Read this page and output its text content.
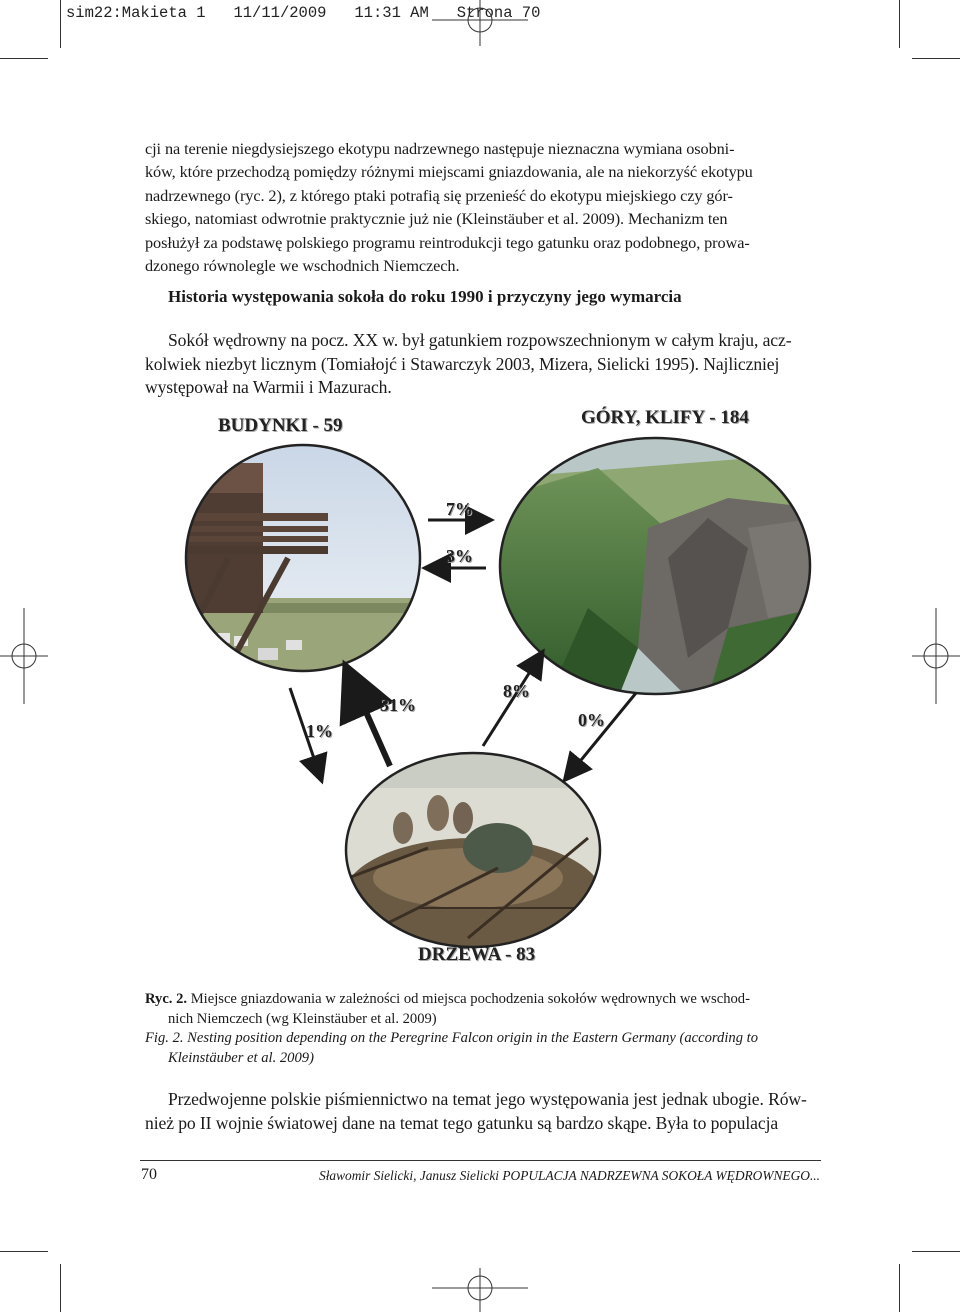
sim22:Makieta 1 11/11/2009 11:31 AM Strona 70
cji na terenie niegdysiejszego ekotypu nadrzewnego następuje nieznaczna wymiana osobni-
ków, które przechodzą pomiędzy różnymi miejscami gniazdowania, ale na niekorzyść ekotypu
nadrzewnego (ryc. 2), z którego ptaki potrafią się przenieść do ekotypu miejskiego czy gór-
skiego, natomiast odwrotnie praktycznie już nie (Kleinstäuber et al. 2009). Mechanizm ten
posłużył za podstawę polskiego programu reintrodukcji tego gatunku oraz podobnego, prowa-
dzonego równolegle we wschodnich Niemczech.
Historia występowania sokoła do roku 1990 i przyczyny jego wymarcia
Sokół wędrowny na pocz. XX w. był gatunkiem rozpowszechnionym w całym kraju, acz-
kolwiek niezbyt licznym (Tomiałojć i Stawarczyk 2003, Mizera, Sielicki 1995). Najliczniej
występował na Warmii i Mazurach.
BUDYNKI - 59	GÓRY, KLIFY - 184
DRZEWA - 83
7%
3%
1%
31%
8%
0%
Ryc. 2. Miejsce gniazdowania w zależności od miejsca pochodzenia sokołów wędrownych we wschod-
nich Niemczech (wg Kleinstäuber et al. 2009)
Fig. 2. Nesting position depending on the Peregrine Falcon origin in the Eastern Germany (according to
Kleinstäuber et al. 2009)
Przedwojenne polskie piśmiennictwo na temat jego występowania jest jednak ubogie. Rów-
nież po II wojnie światowej dane na temat tego gatunku są bardzo skąpe. Była to populacja
70	Sławomir Sielicki, Janusz Sielicki POPULACJA NADRZEWNA SOKOŁA WĘDROWNEGO...
